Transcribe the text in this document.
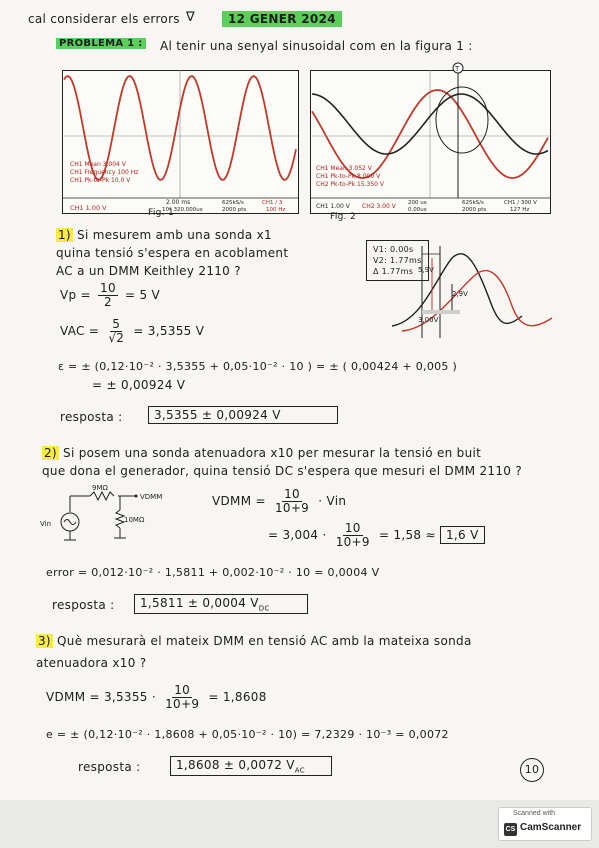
cal considerar els errors ∇	12 GENER 2024
PROBLEMA 1 : Al tenir una senyal sinusoidal com en la figura 1 :
CH1 Mean 3.004 V
CH1 Frequency 100 Hz
CH1 Pk-to-Pk 10.0 V
CH1 1.00 V
2.00 ms
10* 320.000us
625kS/s
2000 pts
CH1 / 3
100 Hz
Fig. 1
T
CH1 Mean 3.052 V
CH1 Pk-to-Pk 8.000 V
CH2 Pk-to-Pk 15.350 V
CH1 1.00 V CH2 3.00 V 200 us
0.00us
625kS/s
2000 pts
CH1 / 300 V
127 Hz
Fig. 2
1) Si mesurem amb una sonda x1
quina tensió s'espera en acoblament
AC a un DMM Keithley 2110 ?
$Vp = \frac{10}{2} = 5$ V
VAC = $\frac{5}{√2} = 3,5355$ V
ε = ± (0,12·10⁻² · 3,5355 + 0,05·10⁻² · 10 ) = ± ( 0,00424 + 0,005 )
= ± 0,00924 V
resposta :	3,5355 ± 0,00924 V
V1: 0.00s
V2: 1.77ms
Δ 1.77ms 5,9V
2,9V
3,00V
2) Si posem una sonda atenuadora x10 per mesurar la tensió en buit
que dona el generador, quina tensió DC s'espera que mesuri el DMM 2110 ?
9MΩ
10MΩ
Vin
VDMM	VDMM = $\frac{10}{10+9}$ · Vin
= $3,004 \cdot \frac{10}{10+9} = 1,58 \approx 1,6$ V
error = 0,012·10⁻² · 1,5811 + 0,002·10⁻² · 10 = 0,0004 V
resposta :	1,5811 ± 0,0004 $V_{DC}$
3) Què mesurarà el mateix DMM en tensió AC amb la mateixa sonda
atenuadora x10 ?
VDMM = $3,5355 \cdot \frac{10}{10+9} = 1,8608$
e = ± (0,12·10⁻² · 1,8608 + 0,05·10⁻² · 10) = 7,2329 · 10⁻³ = 0,0072
resposta :	1,8608 ± 0,0072 $V_{AC}$	10
Scanned with
CS CamScanner
